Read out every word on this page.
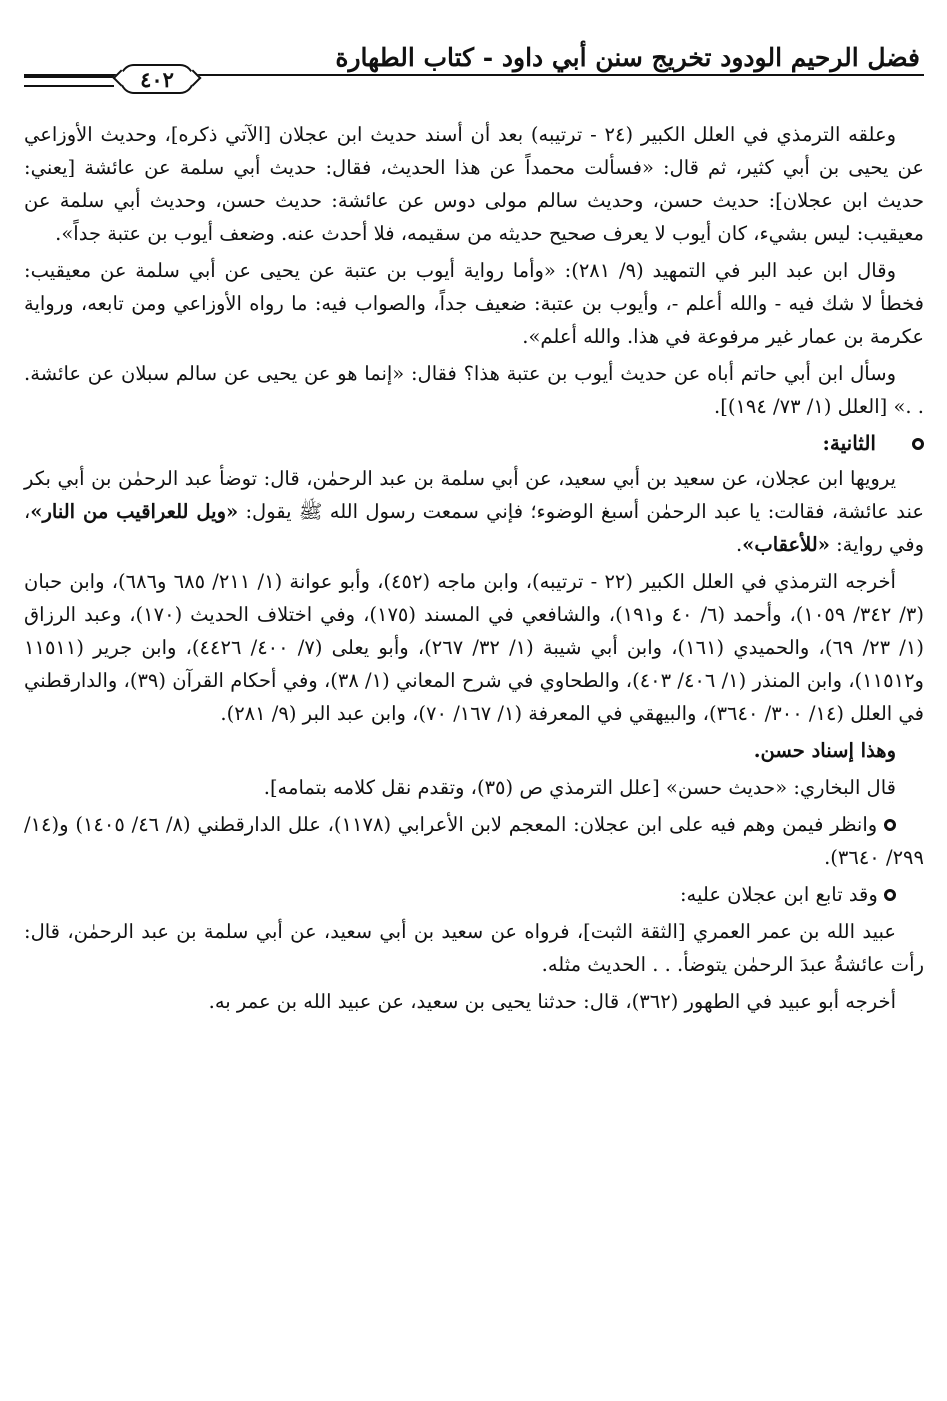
فضل الرحيم الودود تخريج سنن أبي داود - كتاب الطهارة
٤٠٢

وعلقه الترمذي في العلل الكبير (٢٤ - ترتيبه) بعد أن أسند حديث ابن عجلان [الآتي ذكره]، وحديث الأوزاعي عن يحيى بن أبي كثير، ثم قال: «فسألت محمداً عن هذا الحديث، فقال: حديث أبي سلمة عن عائشة [يعني: حديث ابن عجلان]: حديث حسن، وحديث سالم مولى دوس عن عائشة: حديث حسن، وحديث أبي سلمة عن معيقيب: ليس بشيء، كان أيوب لا يعرف صحيح حديثه من سقيمه، فلا أحدث عنه. وضعف أيوب بن عتبة جداً».

وقال ابن عبد البر في التمهيد (٩/ ٢٨١): «وأما رواية أيوب بن عتبة عن يحيى عن أبي سلمة عن معيقيب: فخطأ لا شك فيه - والله أعلم -، وأيوب بن عتبة: ضعيف جداً، والصواب فيه: ما رواه الأوزاعي ومن تابعه، ورواية عكرمة بن عمار غير مرفوعة في هذا. والله أعلم».

وسأل ابن أبي حاتم أباه عن حديث أيوب بن عتبة هذا؟ فقال: «إنما هو عن يحيى عن سالم سبلان عن عائشة. . .» [العلل (١/ ٧٣/ ١٩٤)].

الثانية:

يرويها ابن عجلان، عن سعيد بن أبي سعيد، عن أبي سلمة بن عبد الرحمٰن، قال: توضأ عبد الرحمٰن بن أبي بكر عند عائشة، فقالت: يا عبد الرحمٰن أسبغ الوضوء؛ فإني سمعت رسول الله ﷺ يقول: «ويل للعراقيب من النار»، وفي رواية: «للأعقاب».

أخرجه الترمذي في العلل الكبير (٢٢ - ترتيبه)، وابن ماجه (٤٥٢)، وأبو عوانة (١/ ٢١١/ ٦٨٥ و٦٨٦)، وابن حبان (٣/ ٣٤٢/ ١٠٥٩)، وأحمد (٦/ ٤٠ و١٩١)، والشافعي في المسند (١٧٥)، وفي اختلاف الحديث (١٧٠)، وعبد الرزاق (١/ ٢٣/ ٦٩)، والحميدي (١٦١)، وابن أبي شيبة (١/ ٣٢/ ٢٦٧)، وأبو يعلى (٧/ ٤٠٠/ ٤٤٢٦)، وابن جرير (١١٥١١ و١١٥١٢)، وابن المنذر (١/ ٤٠٦/ ٤٠٣)، والطحاوي في شرح المعاني (١/ ٣٨)، وفي أحكام القرآن (٣٩)، والدارقطني في العلل (١٤/ ٣٠٠/ ٣٦٤٠)، والبيهقي في المعرفة (١/ ١٦٧/ ٧٠)، وابن عبد البر (٩/ ٢٨١).

وهذا إسناد حسن.

قال البخاري: «حديث حسن» [علل الترمذي ص (٣٥)، وتقدم نقل كلامه بتمامه].

وانظر فيمن وهم فيه على ابن عجلان: المعجم لابن الأعرابي (١١٧٨)، علل الدارقطني (٨/ ٤٦/ ١٤٠٥) و(١٤/ ٢٩٩/ ٣٦٤٠).

وقد تابع ابن عجلان عليه:

عبيد الله بن عمر العمري [الثقة الثبت]، فرواه عن سعيد بن أبي سعيد، عن أبي سلمة بن عبد الرحمٰن، قال: رأت عائشةُ عبدَ الرحمٰن يتوضأ. . . الحديث مثله.

أخرجه أبو عبيد في الطهور (٣٦٢)، قال: حدثنا يحيى بن سعيد، عن عبيد الله بن عمر به.
